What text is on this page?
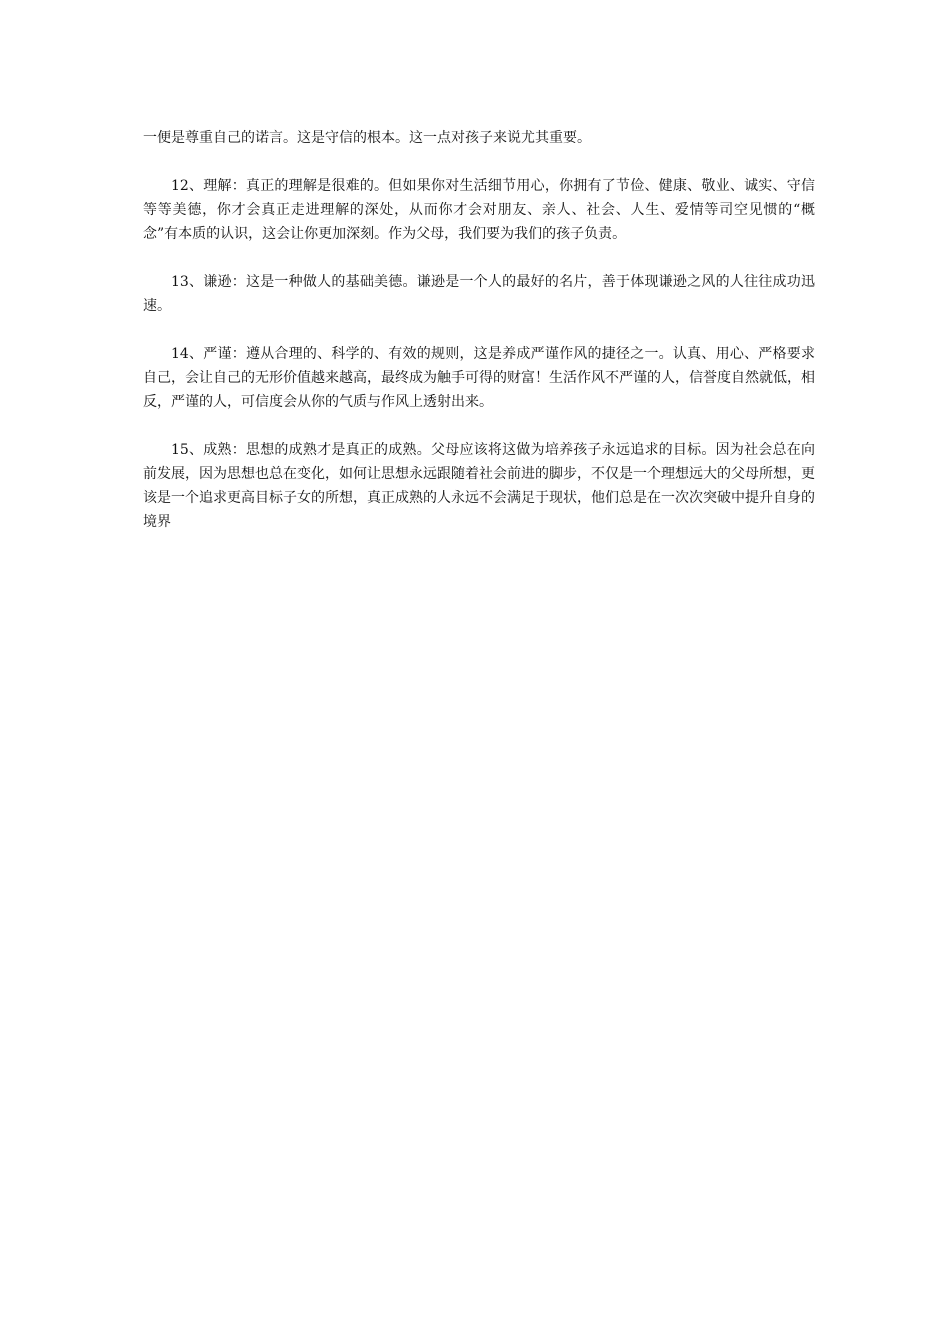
一便是尊重自己的诺言。这是守信的根本。这一点对孩子来说尤其重要。

12、理解：真正的理解是很难的。但如果你对生活细节用心，你拥有了节俭、健康、敬业、诚实、守信等等美德，你才会真正走进理解的深处，从而你才会对朋友、亲人、社会、人生、爱情等司空见惯的“概念”有本质的认识，这会让你更加深刻。作为父母，我们要为我们的孩子负责。

13、谦逊：这是一种做人的基础美德。谦逊是一个人的最好的名片，善于体现谦逊之风的人往往成功迅速。

14、严谨：遵从合理的、科学的、有效的规则，这是养成严谨作风的捷径之一。认真、用心、严格要求自己，会让自己的无形价值越来越高，最终成为触手可得的财富！生活作风不严谨的人，信誉度自然就低，相反，严谨的人，可信度会从你的气质与作风上透射出来。

15、成熟：思想的成熟才是真正的成熟。父母应该将这做为培养孩子永远追求的目标。因为社会总在向前发展，因为思想也总在变化，如何让思想永远跟随着社会前进的脚步，不仅是一个理想远大的父母所想，更该是一个追求更高目标子女的所想，真正成熟的人永远不会满足于现状，他们总是在一次次突破中提升自身的境界
